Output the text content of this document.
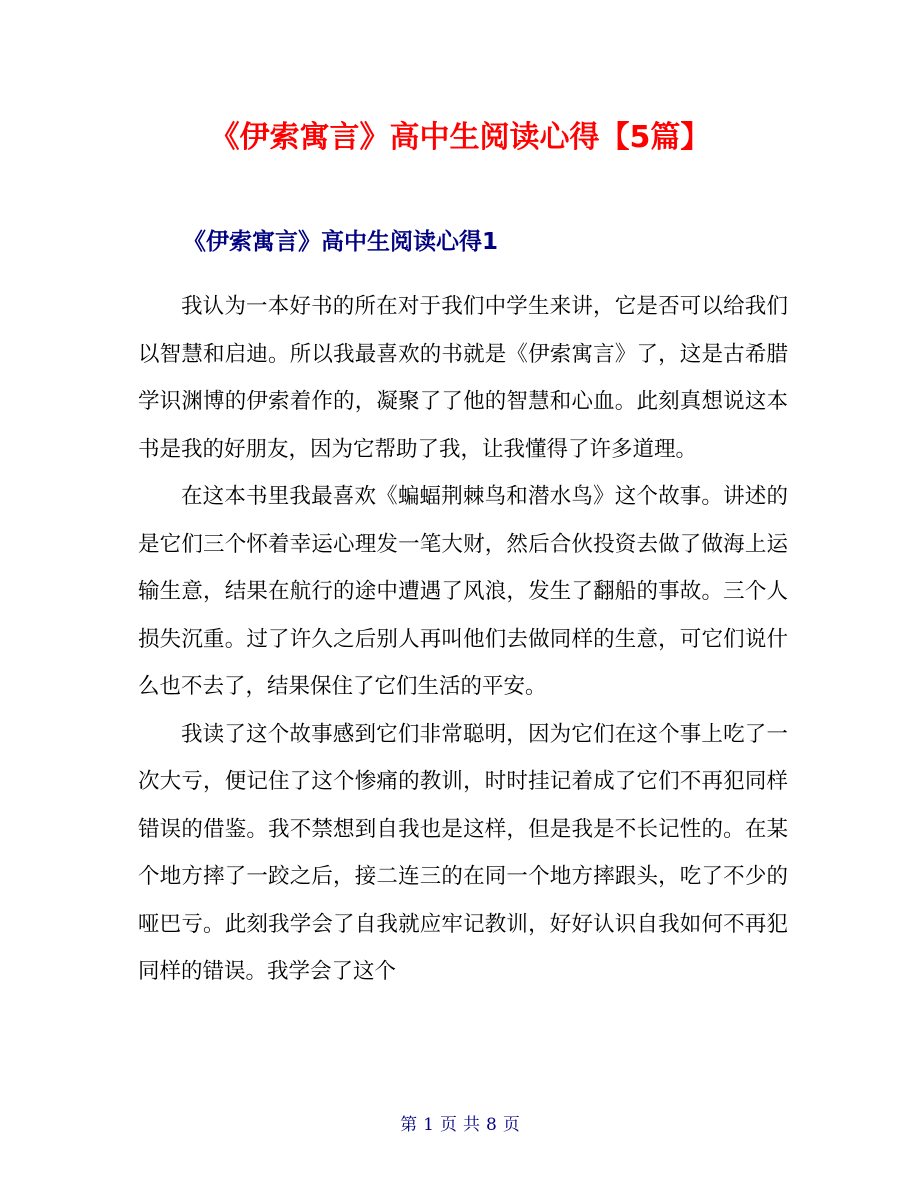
《伊索寓言》高中生阅读心得【5篇】
《伊索寓言》高中生阅读心得1

我认为一本好书的所在对于我们中学生来讲，它是否可以给我们以智慧和启迪。所以我最喜欢的书就是《伊索寓言》了，这是古希腊学识渊博的伊索着作的，凝聚了了他的智慧和心血。此刻真想说这本书是我的好朋友，因为它帮助了我，让我懂得了许多道理。

在这本书里我最喜欢《蝙蝠荆棘鸟和潜水鸟》这个故事。讲述的是它们三个怀着幸运心理发一笔大财，然后合伙投资去做了做海上运输生意，结果在航行的途中遭遇了风浪，发生了翻船的事故。三个人损失沉重。过了许久之后别人再叫他们去做同样的生意，可它们说什么也不去了，结果保住了它们生活的平安。

我读了这个故事感到它们非常聪明，因为它们在这个事上吃了一次大亏，便记住了这个惨痛的教训，时时挂记着成了它们不再犯同样错误的借鉴。我不禁想到自我也是这样，但是我是不长记性的。在某个地方摔了一跤之后，接二连三的在同一个地方摔跟头，吃了不少的哑巴亏。此刻我学会了自我就应牢记教训，好好认识自我如何不再犯同样的错误。我学会了这个

第 1 页 共 8 页
